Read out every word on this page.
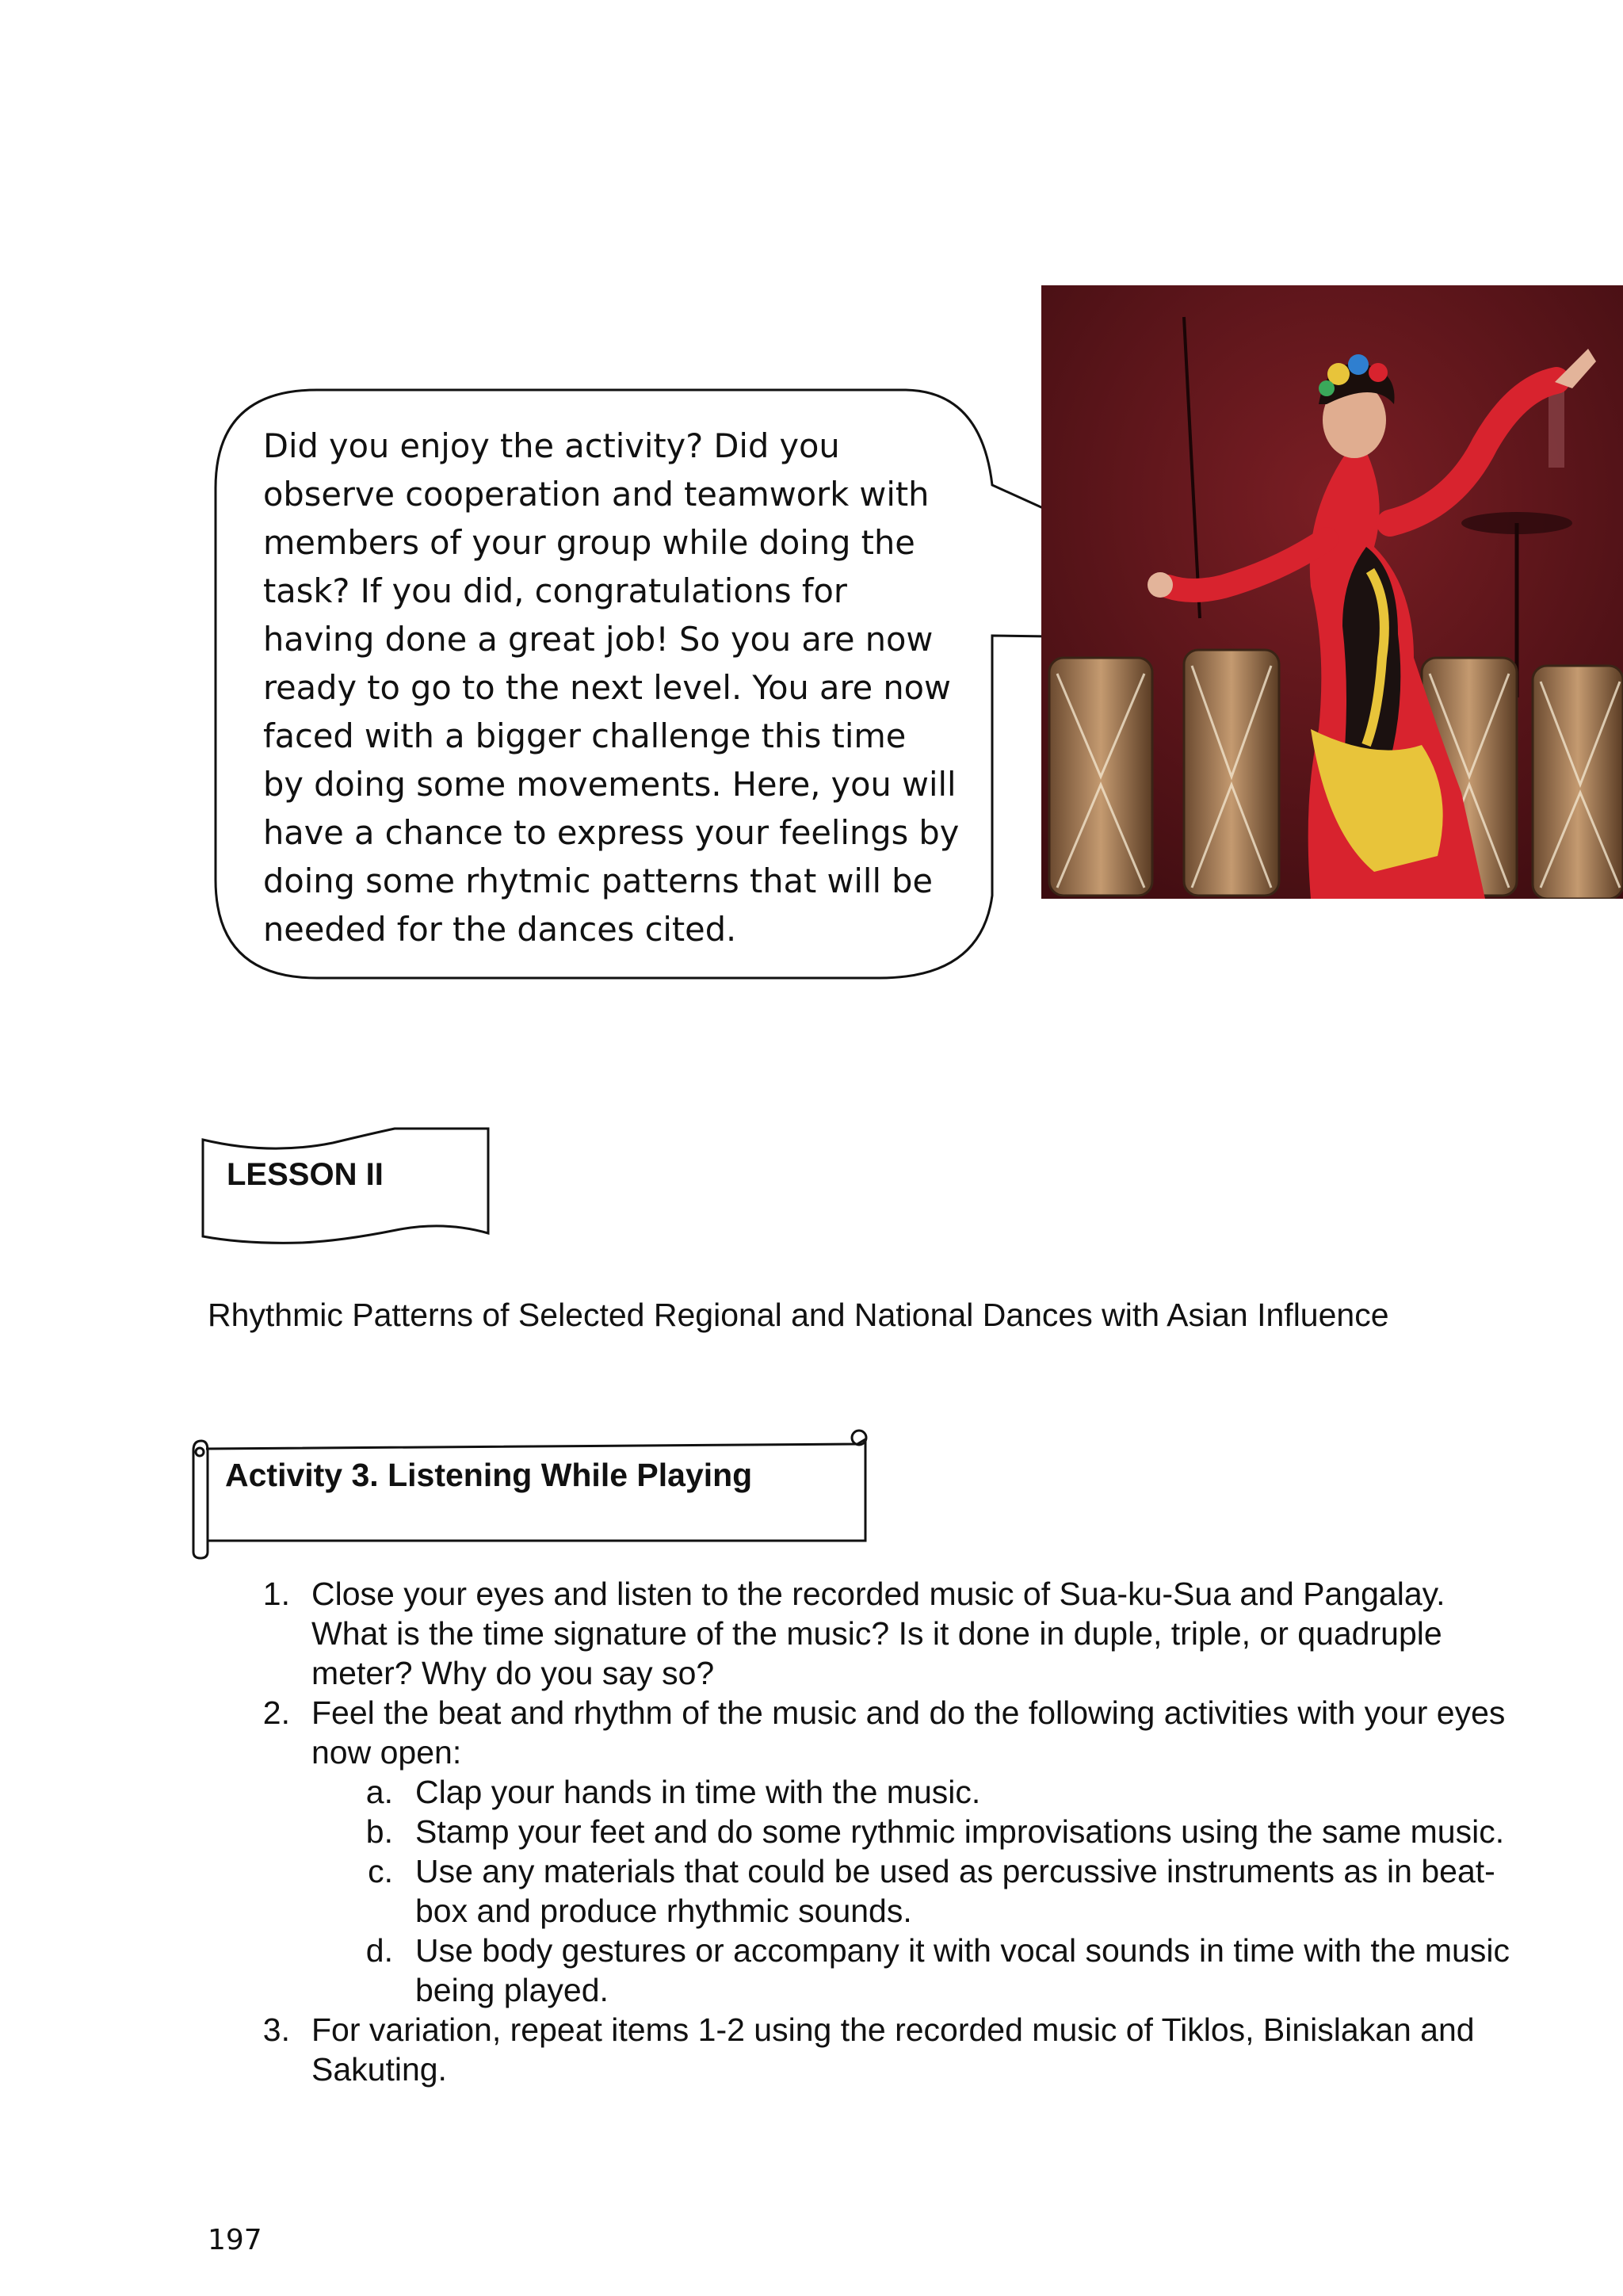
Did you enjoy the activity? Did you
observe cooperation and teamwork with
members of your group while doing the
task? If you did, congratulations for
having done a great job! So you are now
ready to go to the next level. You are now
faced with a bigger challenge this time
by doing some movements. Here, you will
have a chance to express your feelings by
doing some rhytmic patterns that will be
needed for the dances cited.
LESSON II
Rhythmic Patterns of Selected Regional and National Dances with Asian Influence
Activity 3. Listening While Playing
1. Close your eyes and listen to the recorded music of Sua-ku-Sua and Pangalay. What is the time signature of the music? Is it done in duple, triple, or quadruple meter? Why do you say so?
2. Feel the beat and rhythm of the music and do the following activities with your eyes now open:
a. Clap your hands in time with the music.
b. Stamp your feet and do some rythmic improvisations using the same music.
c. Use any materials that could be used as percussive instruments as in beat-box and produce rhythmic sounds.
d. Use body gestures or accompany it with vocal sounds in time with the music being played.
3. For variation, repeat items 1-2 using the recorded music of Tiklos, Binislakan and Sakuting.
197
